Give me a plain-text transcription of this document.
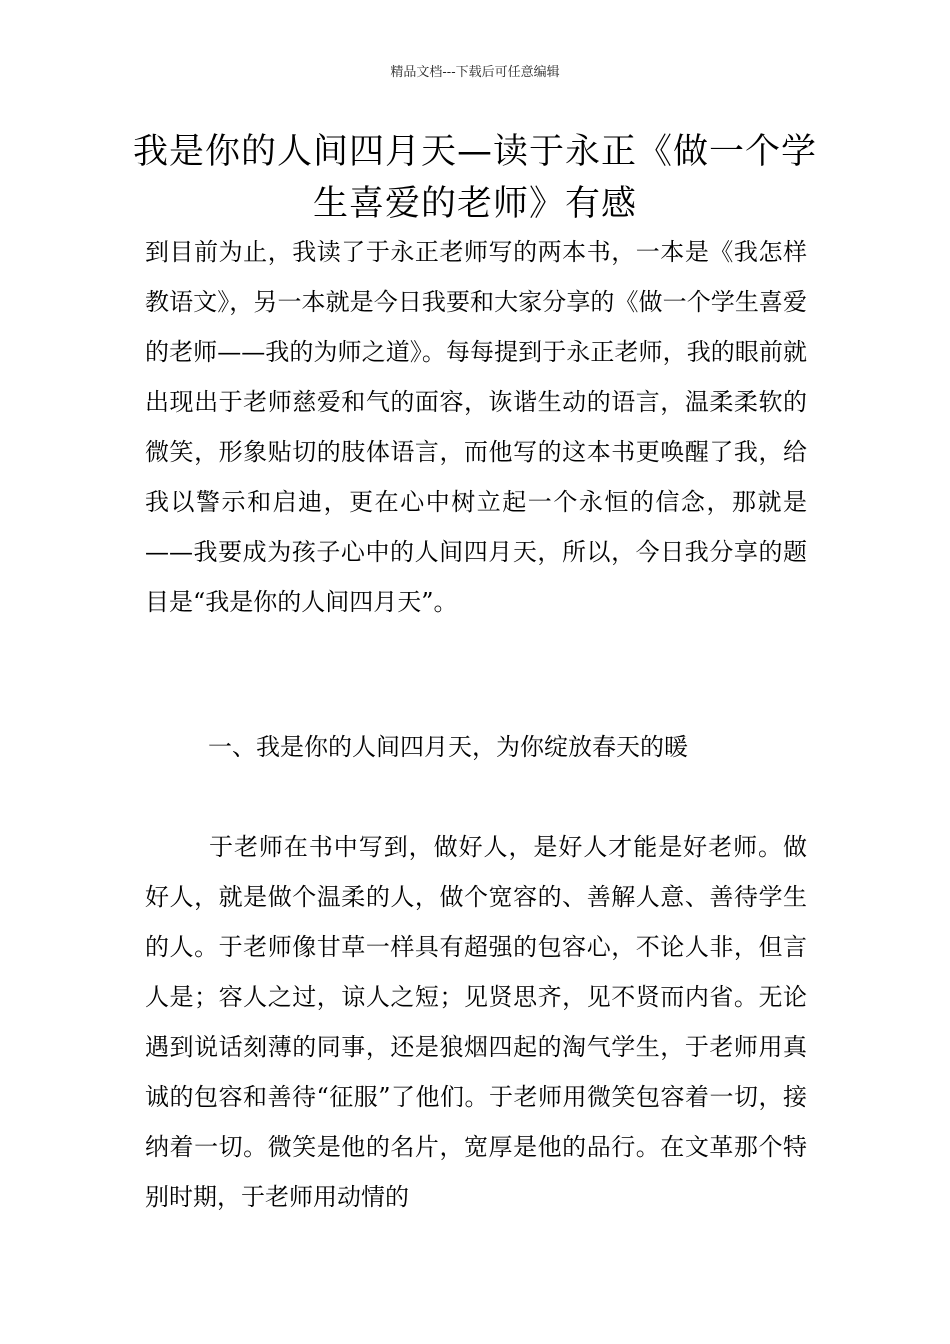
精品文档---下载后可任意编辑
我是你的人间四月天—读于永正《做一个学生喜爱的老师》有感

到目前为止，我读了于永正老师写的两本书，一本是《我怎样教语文》，另一本就是今日我要和大家分享的《做一个学生喜爱的老师——我的为师之道》。每每提到于永正老师，我的眼前就出现出于老师慈爱和气的面容，诙谐生动的语言，温柔柔软的微笑，形象贴切的肢体语言，而他写的这本书更唤醒了我，给我以警示和启迪，更在心中树立起一个永恒的信念，那就是——我要成为孩子心中的人间四月天，所以，今日我分享的题目是“我是你的人间四月天”。

一、我是你的人间四月天，为你绽放春天的暖

于老师在书中写到，做好人，是好人才能是好老师。做好人，就是做个温柔的人，做个宽容的、善解人意、善待学生的人。于老师像甘草一样具有超强的包容心，不论人非，但言人是；容人之过，谅人之短；见贤思齐，见不贤而内省。无论遇到说话刻薄的同事，还是狼烟四起的淘气学生，于老师用真诚的包容和善待“征服”了他们。于老师用微笑包容着一切，接纳着一切。微笑是他的名片，宽厚是他的品行。在文革那个特别时期，于老师用动情的
